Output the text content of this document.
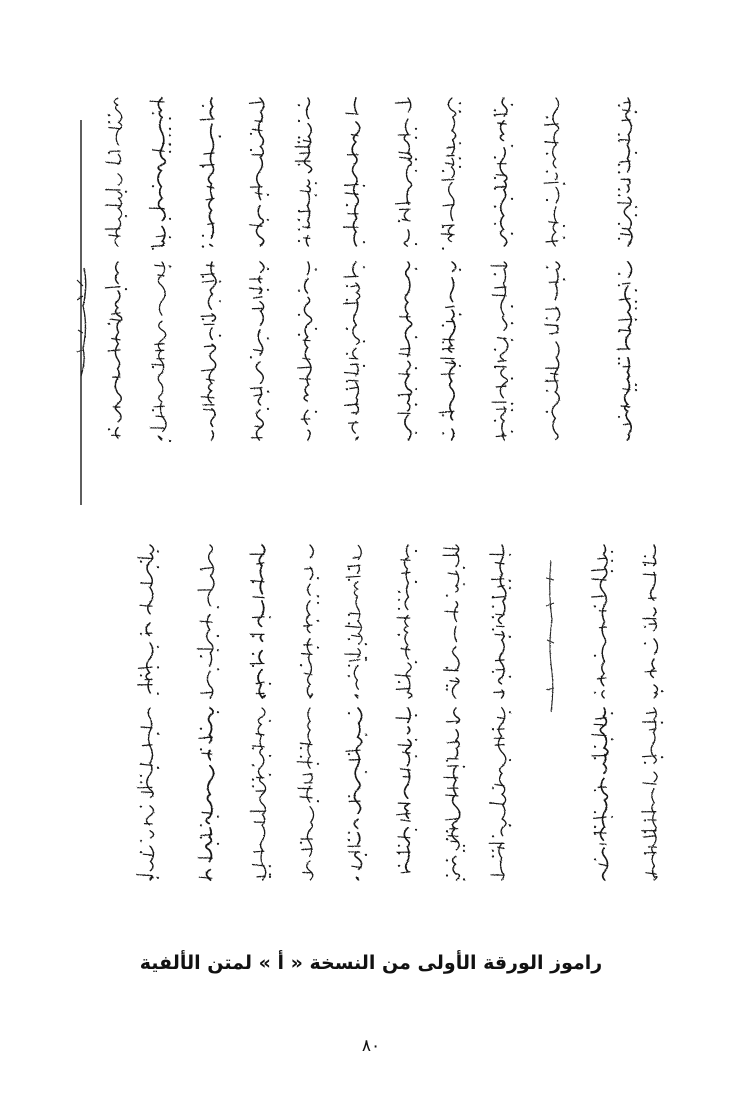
راموز الورقة الأولى من النسخة « أ » لمتن الألفية
٨٠
